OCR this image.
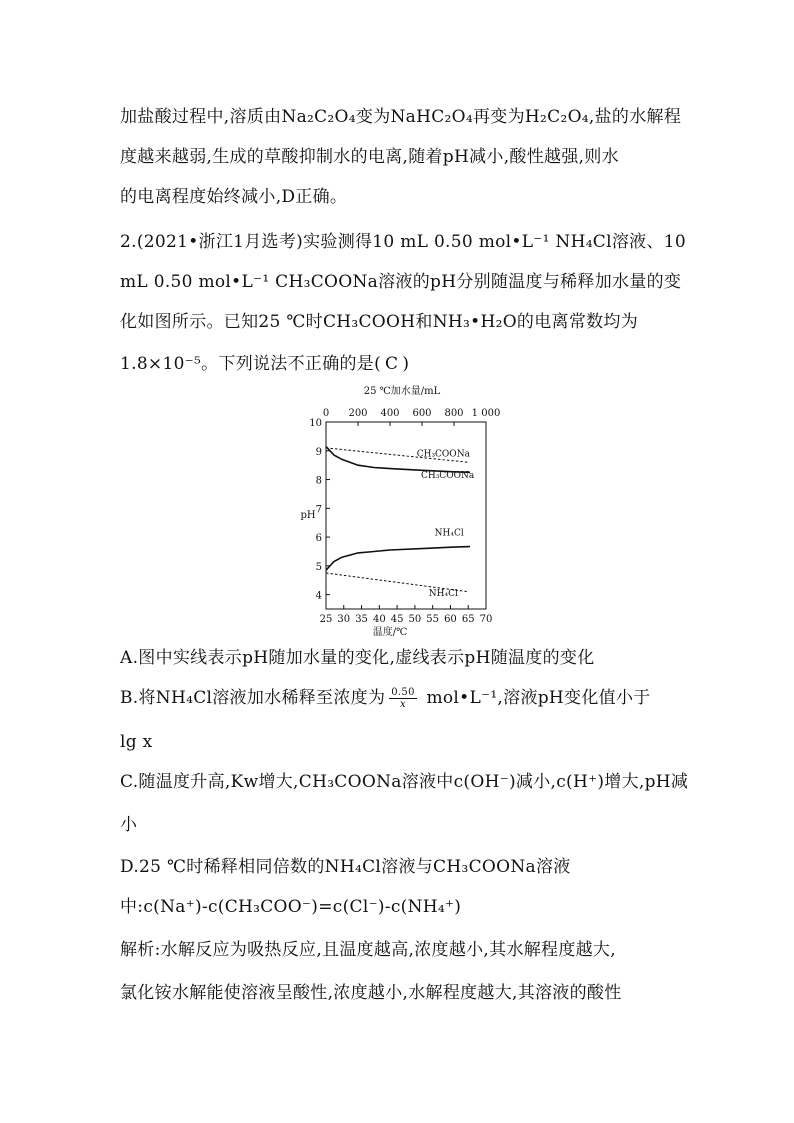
加盐酸过程中,溶质由Na₂C₂O₄变为NaHC₂O₄再变为H₂C₂O₄,盐的水解程
度越来越弱,生成的草酸抑制水的电离,随着pH减小,酸性越强,则水
的电离程度始终减小,D正确。
2.(2021•浙江1月选考)实验测得10 mL 0.50 mol•L⁻¹ NH₄Cl溶液、10
mL 0.50 mol•L⁻¹ CH₃COONa溶液的pH分别随温度与稀释加水量的变
化如图所示。已知25 ℃时CH₃COOH和NH₃•H₂O的电离常数均为
1.8×10⁻⁵。下列说法不正确的是( C )
25 ℃加水量/mL
0 200 400 600 800 1 000
25 30 35 40 45 50 55 60 65 70
温度/℃
4
5
6
7
8
9
10
pH
CH₃COONa
CH₃COONa
NH₄Cl
NH₄Cl
A.图中实线表示pH随加水量的变化,虚线表示pH随温度的变化
B.将NH₄Cl溶液加水稀释至浓度为 $\frac{0.50}{x}$ mol•L⁻¹,溶液pH变化值小于
lg x
C.随温度升高,Kw增大,CH₃COONa溶液中c(OH⁻)减小,c(H⁺)增大,pH减
小
D.25 ℃时稀释相同倍数的NH₄Cl溶液与CH₃COONa溶液
中:c(Na⁺)-c(CH₃COO⁻)=c(Cl⁻)-c(NH₄⁺)
解析:水解反应为吸热反应,且温度越高,浓度越小,其水解程度越大,
氯化铵水解能使溶液呈酸性,浓度越小,水解程度越大,其溶液的酸性
